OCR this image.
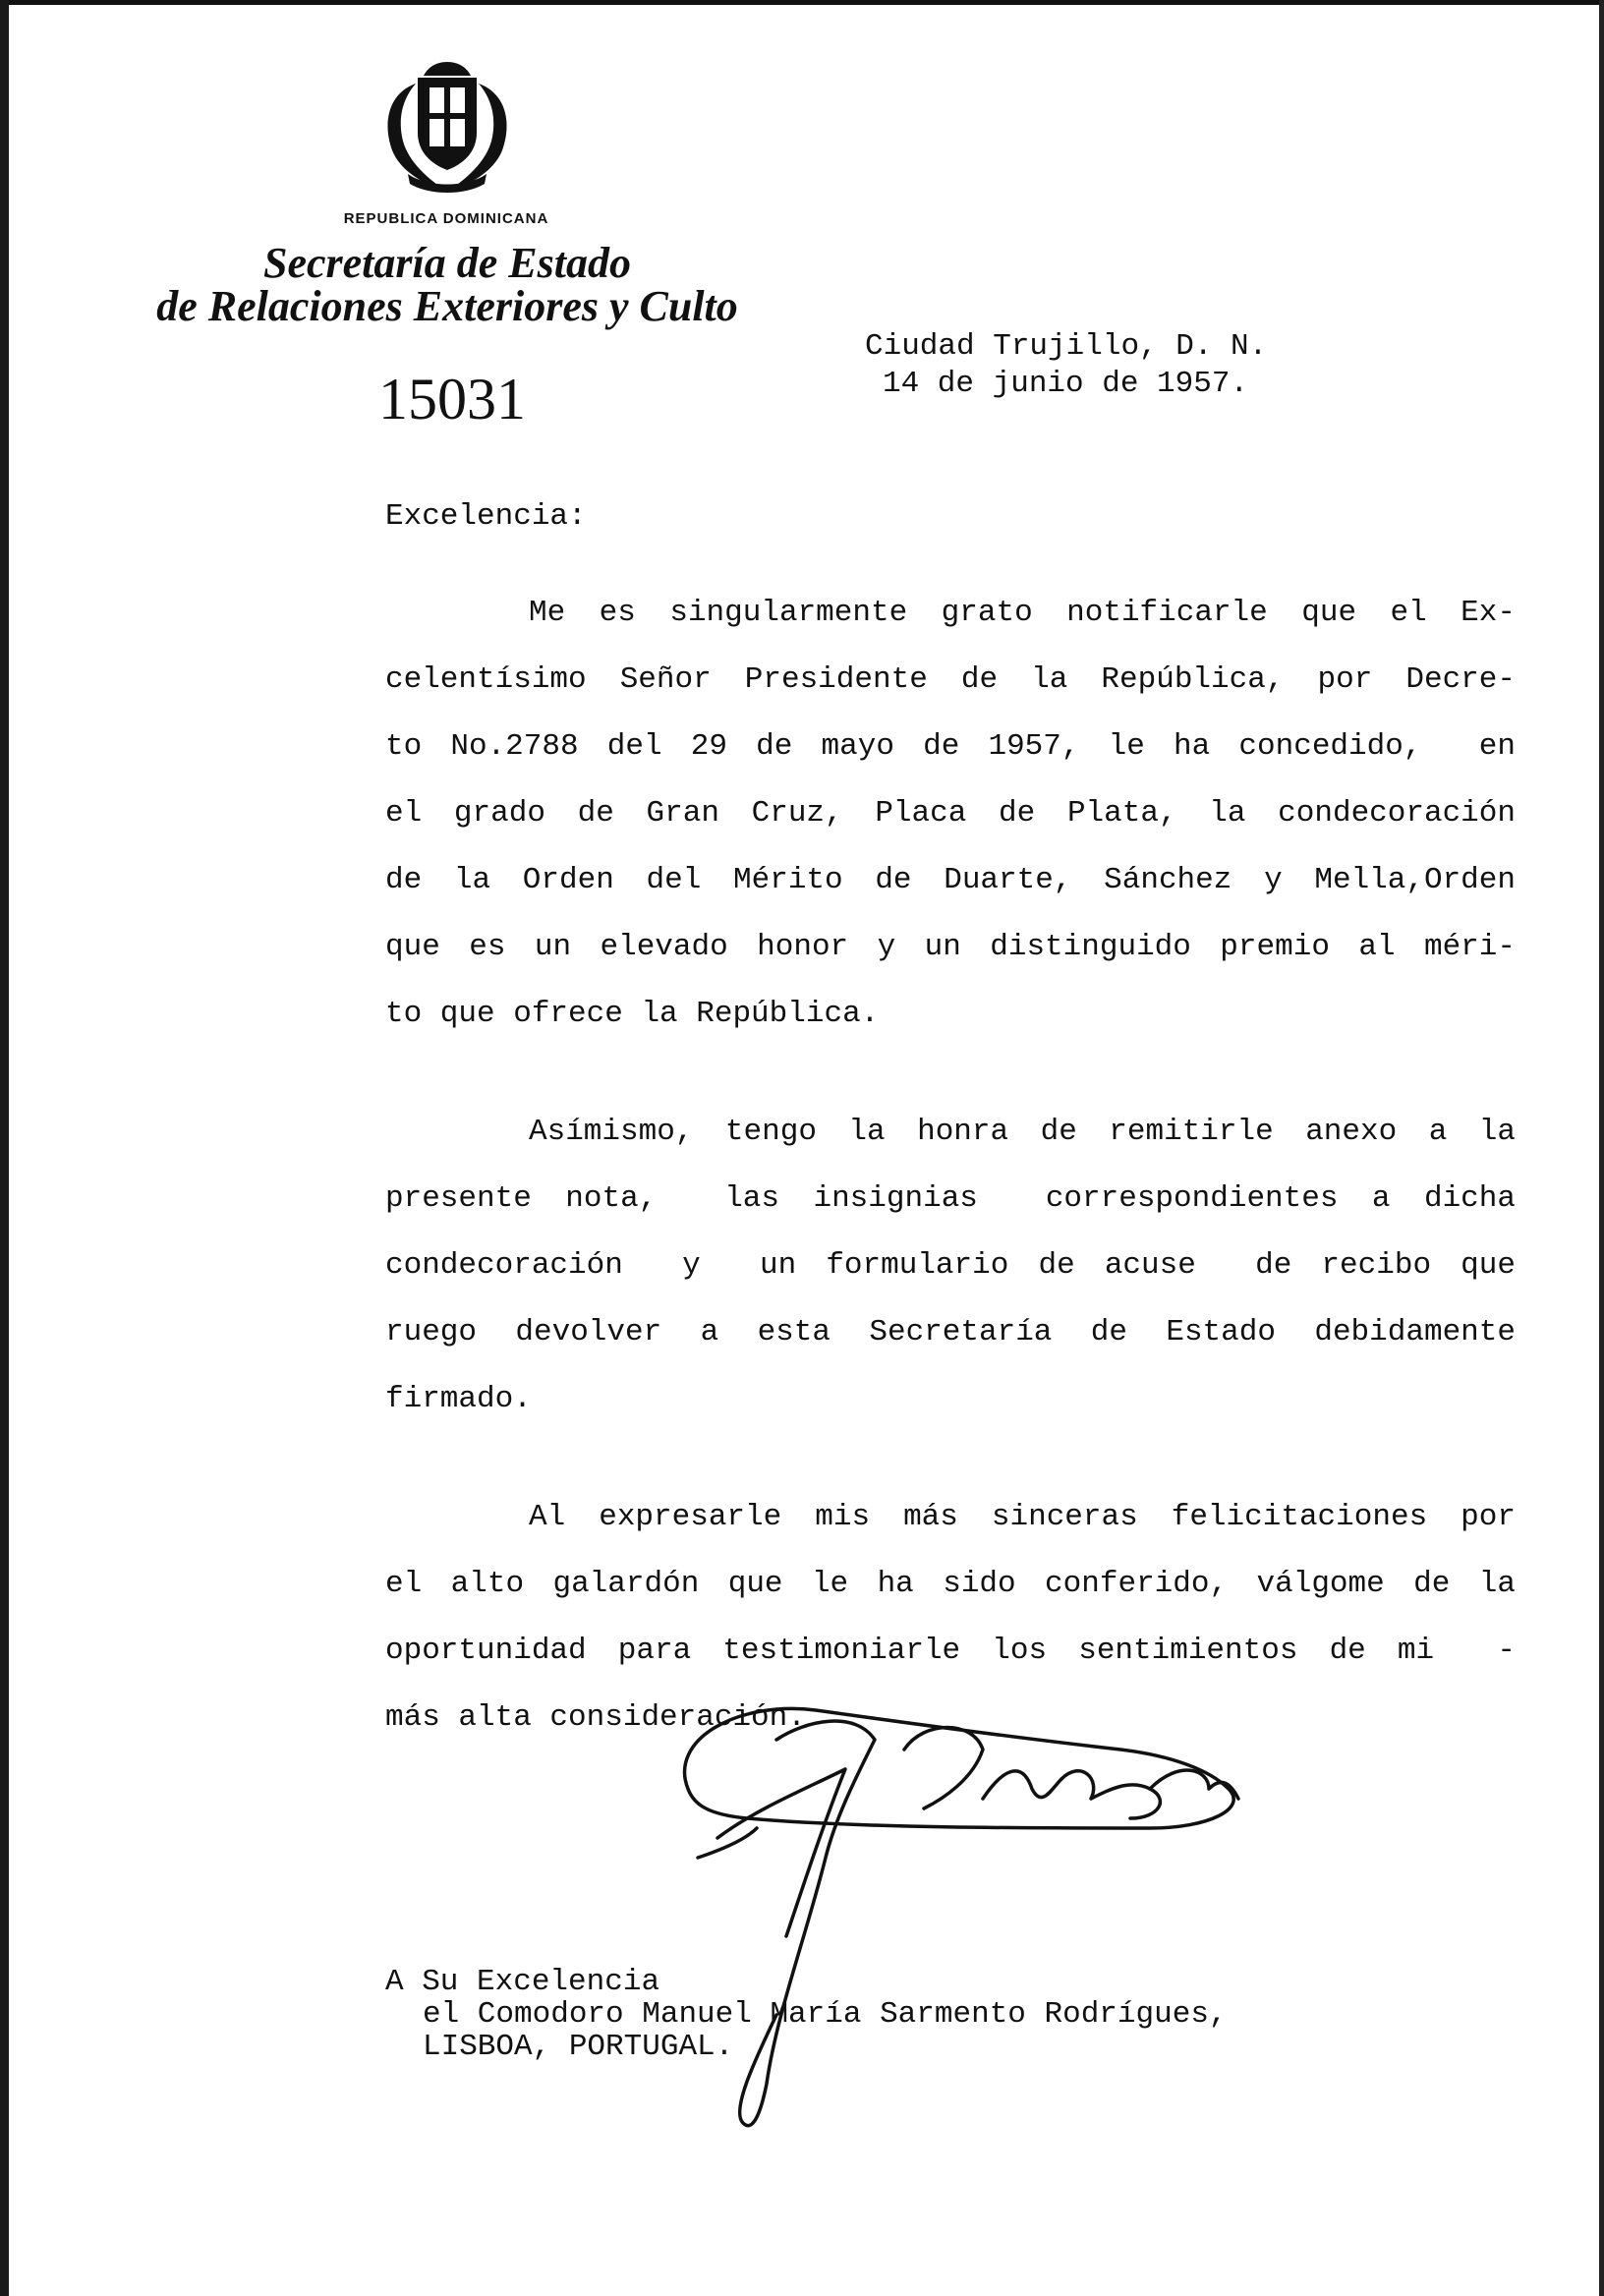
REPUBLICA DOMINICANA
Secretaría de Estado
de Relaciones Exteriores y Culto
15031
Ciudad Trujillo, D. N.
14 de junio de 1957.
Excelencia:
Me es singularmente grato notificarle que el Ex-
celentísimo Señor Presidente de la República, por Decre-
to No.2788 del 29 de mayo de 1957, le ha concedido,  en
el grado de Gran Cruz, Placa de Plata, la condecoración
de la Orden del Mérito de Duarte, Sánchez y Mella,Orden
que es un elevado honor y un distinguido premio al méri-
to que ofrece la República.
Asímismo, tengo la honra de remitirle anexo a la
presente nota,  las insignias  correspondientes a dicha
condecoración  y  un formulario de acuse  de recibo que
ruego devolver a esta Secretaría de Estado debidamente
firmado.
Al expresarle mis más sinceras felicitaciones por
el alto galardón que le ha sido conferido, válgome de la
oportunidad para testimoniarle los sentimientos de mi  -
más alta consideración.
A Su Excelencia
el Comodoro Manuel María Sarmento Rodrígues,
LISBOA, PORTUGAL.
